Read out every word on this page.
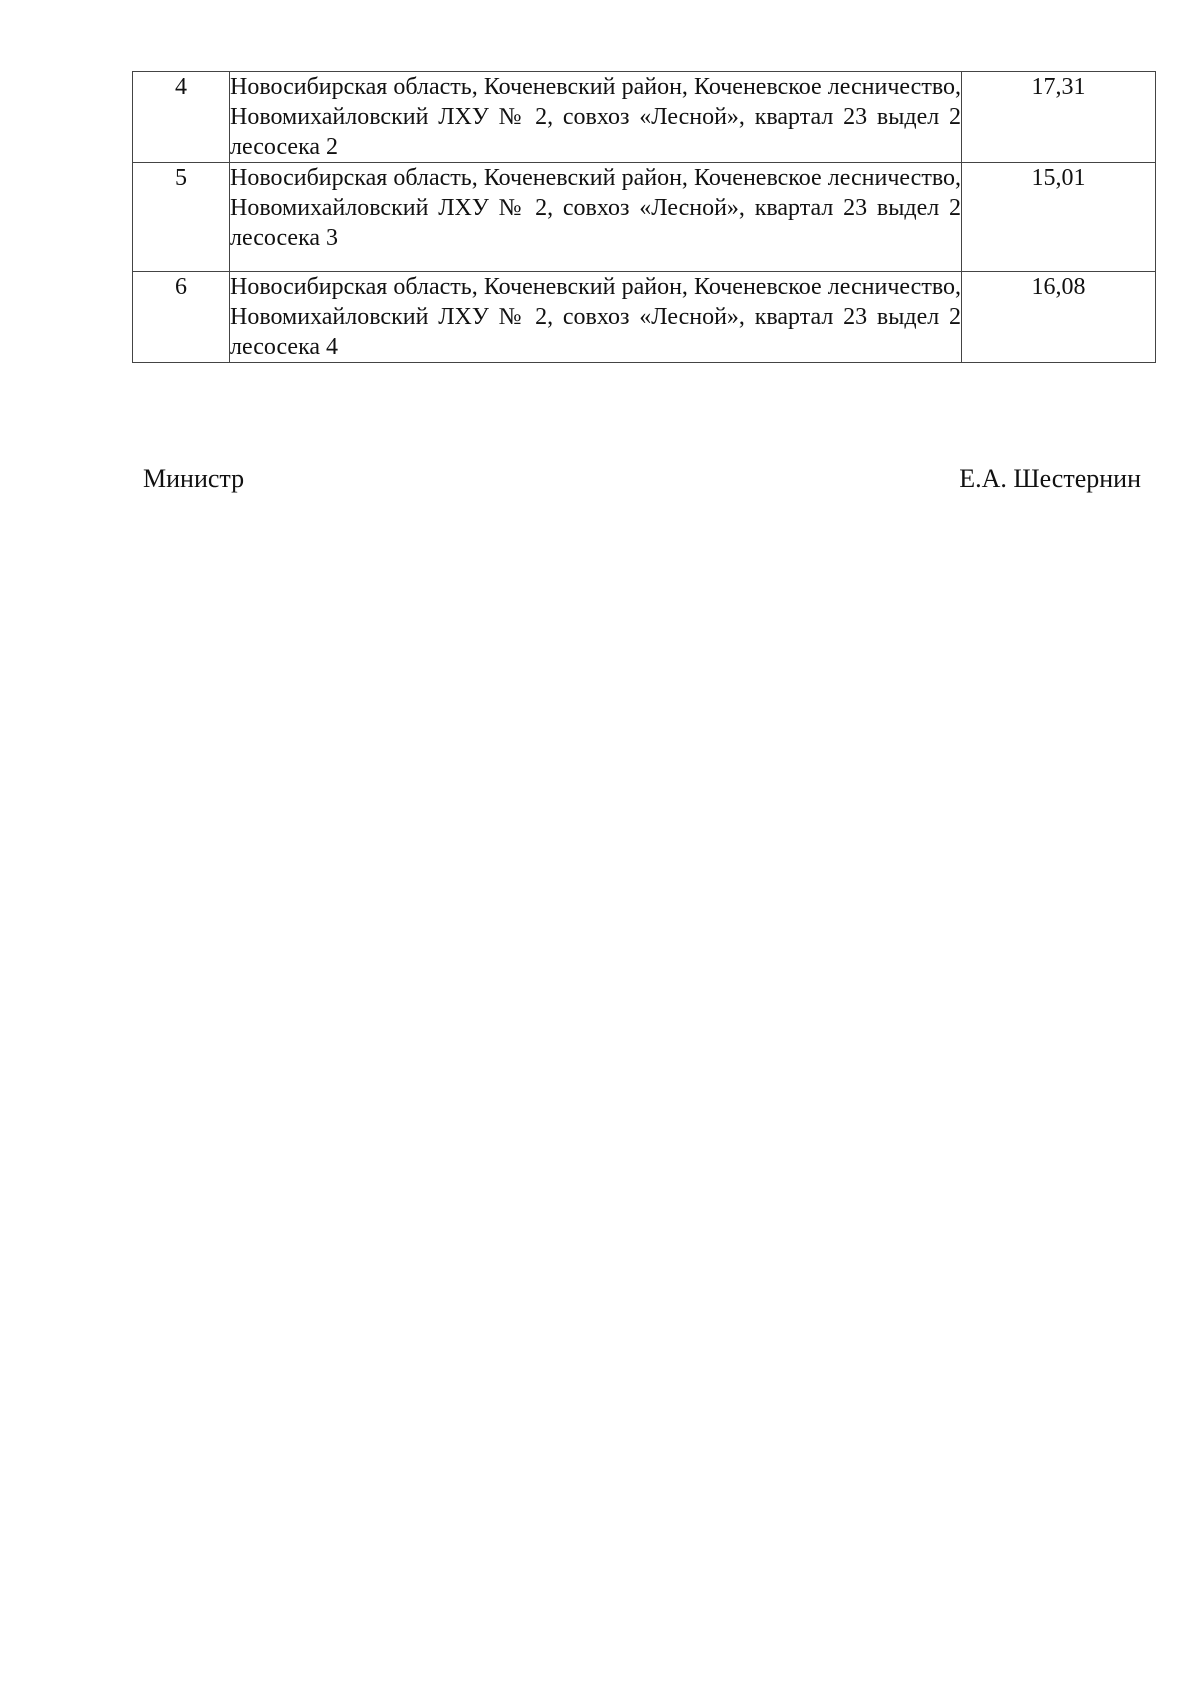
4	Новосибирская область, Коченевский район, Коченевское лесничество, Новомихайловский ЛХУ № 2, совхоз «Лесной», квартал 23 выдел 2 лесосека 2	17,31
5	Новосибирская область, Коченевский район, Коченевское лесничество, Новомихайловский ЛХУ № 2, совхоз «Лесной», квартал 23 выдел 2 лесосека 3	15,01
6	Новосибирская область, Коченевский район, Коченевское лесничество, Новомихайловский ЛХУ № 2, совхоз «Лесной», квартал 23 выдел 2 лесосека 4	16,08
Министр	Е.А. Шестернин
